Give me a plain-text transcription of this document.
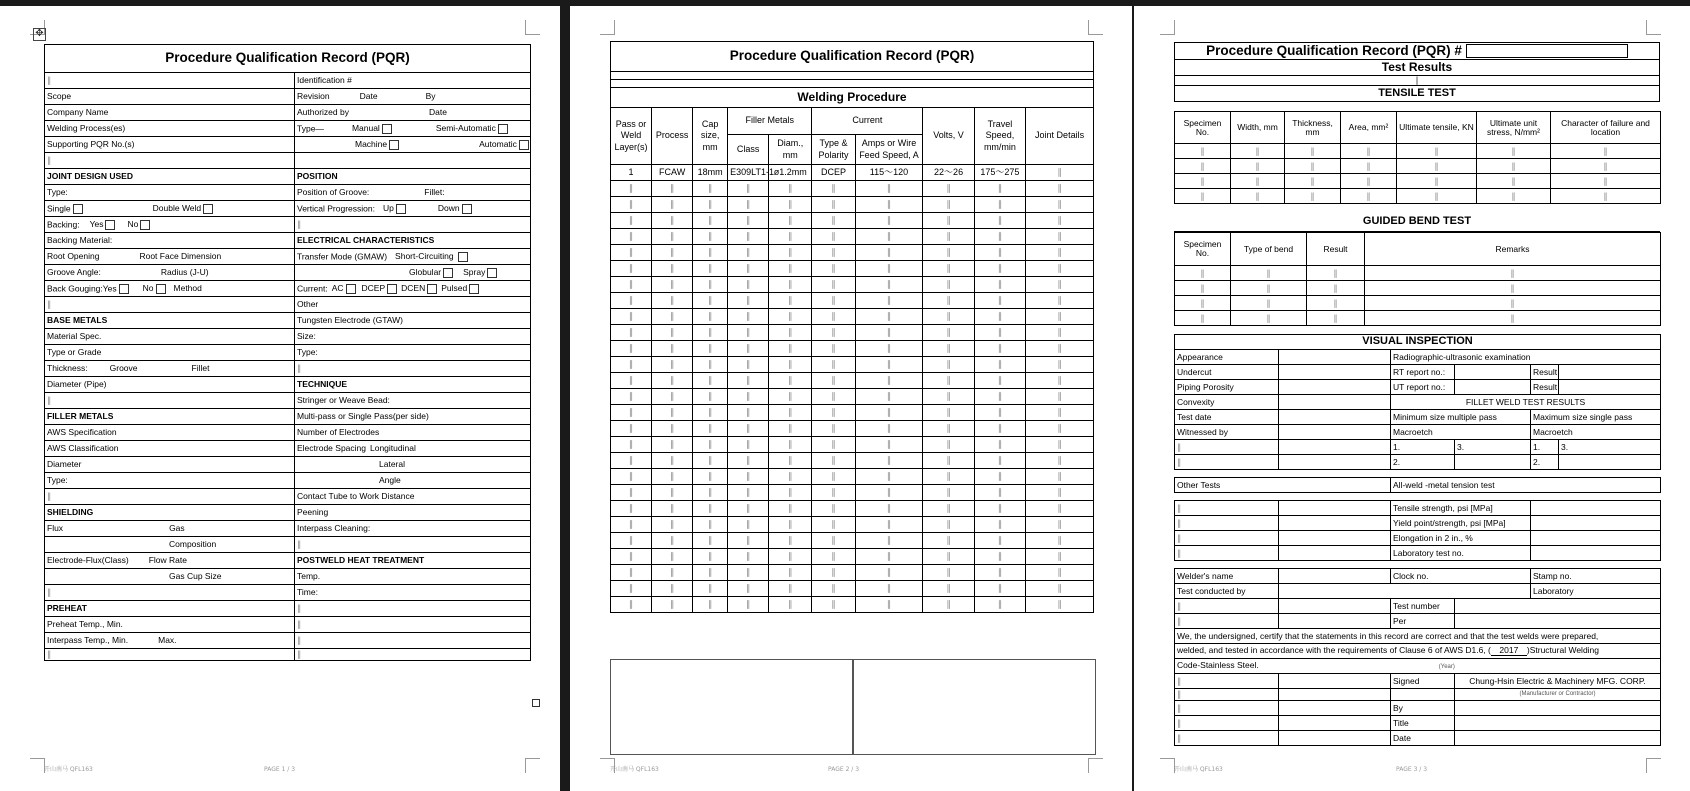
✥
Procedure Qualification Record (PQR)	
∥	Identification #
Scope	Revision Date By
Company Name	Authorized by Date
Welding Process(es)	Type— Manual Semi-Automatic
Supporting PQR No.(s)	Machine Automatic
∥	
JOINT DESIGN USED	POSITION
Type:	Position of Groove: Fillet:
Single Double Weld	Vertical Progression: Up Down
Backing: Yes No	∥
Backing Material:	ELECTRICAL CHARACTERISTICS
Root Opening Root Face Dimension	Transfer Mode (GMAW) Short-Circuiting
Groove Angle: Radius (J-U)	Globular Spray
Back Gouging:Yes No Method	Current: AC DCEP DCEN Pulsed
∥	Other
BASE METALS	Tungsten Electrode (GTAW)
Material Spec.	Size:
Type or Grade	Type:
Thickness: Groove Fillet	∥
Diameter (Pipe)	TECHNIQUE
∥	Stringer or Weave Bead:
FILLER METALS	Multi-pass or Single Pass(per side)
AWS Specification	Number of Electrodes
AWS Classification	Electrode Spacing Longitudinal
Diameter	Lateral
Type:	Angle
∥	Contact Tube to Work Distance
SHIELDING	Peening
Flux Gas	Interpass Cleaning:
Composition	∥
Electrode-Flux(Class) Flow Rate	POSTWELD HEAT TREATMENT
Gas Cup Size	Temp.
∥	Time:
PREHEAT	∥
Preheat Temp., Min.	∥
Interpass Temp., Min. Max.	∥
∥	∥
开山南马 QFL163	PAGE 1 / 3
Procedure Qualification Record (PQR)

Welding Procedure
Pass or Weld Layer(s)	Process	Cap size, mm	Filler Metals		Current		Volts, V	Travel Speed, mm/min	Joint Details
			Class	Diam., mm	Type & Polarity	Amps or Wire Feed Speed, A			
1	FCAW	18mm	E309LT1-1	ø1.2mm	DCEP	115～120	22～26	175～275	∥
∥	∥	∥	∥	∥	∥	∥	∥	∥	∥
∥	∥	∥	∥	∥	∥	∥	∥	∥	∥
∥	∥	∥	∥	∥	∥	∥	∥	∥	∥
∥	∥	∥	∥	∥	∥	∥	∥	∥	∥
∥	∥	∥	∥	∥	∥	∥	∥	∥	∥
∥	∥	∥	∥	∥	∥	∥	∥	∥	∥
∥	∥	∥	∥	∥	∥	∥	∥	∥	∥
∥	∥	∥	∥	∥	∥	∥	∥	∥	∥
∥	∥	∥	∥	∥	∥	∥	∥	∥	∥
∥	∥	∥	∥	∥	∥	∥	∥	∥	∥
∥	∥	∥	∥	∥	∥	∥	∥	∥	∥
∥	∥	∥	∥	∥	∥	∥	∥	∥	∥
∥	∥	∥	∥	∥	∥	∥	∥	∥	∥
∥	∥	∥	∥	∥	∥	∥	∥	∥	∥
∥	∥	∥	∥	∥	∥	∥	∥	∥	∥
∥	∥	∥	∥	∥	∥	∥	∥	∥	∥
∥	∥	∥	∥	∥	∥	∥	∥	∥	∥
∥	∥	∥	∥	∥	∥	∥	∥	∥	∥
∥	∥	∥	∥	∥	∥	∥	∥	∥	∥
∥	∥	∥	∥	∥	∥	∥	∥	∥	∥
∥	∥	∥	∥	∥	∥	∥	∥	∥	∥
∥	∥	∥	∥	∥	∥	∥	∥	∥	∥
∥	∥	∥	∥	∥	∥	∥	∥	∥	∥
∥	∥	∥	∥	∥	∥	∥	∥	∥	∥
∥	∥	∥	∥	∥	∥	∥	∥	∥	∥
∥	∥	∥	∥	∥	∥	∥	∥	∥	∥
∥	∥	∥	∥	∥	∥	∥	∥	∥	∥
开山南马 QFL163	PAGE 2 / 3
Procedure Qualification Record (PQR) #
Test Results
∥
TENSILE TEST
Specimen No.	Width, mm	Thickness, mm	Area, mm²	Ultimate tensile, KN	Ultimate unit stress, N/mm²	Character of failure and location
∥	∥	∥	∥	∥	∥	∥
∥	∥	∥	∥	∥	∥	∥
∥	∥	∥	∥	∥	∥	∥
∥	∥	∥	∥	∥	∥	∥
GUIDED BEND TEST
Specimen No.	Type of bend	Result	Remarks
∥	∥	∥	∥
∥	∥	∥	∥
∥	∥	∥	∥
∥	∥	∥	∥
VISUAL INSPECTION					
Appearance		Radiographic-ultrasonic examination			
Undercut		RT report no.:		Result	
Piping Porosity		UT report no.:		Result	
Convexity		FILLET WELD TEST RESULTS			
Test date		Minimum size multiple pass		Maximum size single pass	
Witnessed by		Macroetch		Macroetch	
∥		1.	3.	1.	3.
∥		2.		2.	

Other Tests		All-weld -metal tension test			

∥		Tensile strength, psi [MPa]			
∥		Yield point/strength, psi [MPa]			
∥		Elongation in 2 in., %			
∥		Laboratory test no.			

Welder's name		Clock no.		Stamp no.	
Test conducted by				Laboratory	
∥		Test number			
∥		Per			
We, the undersigned, certify that the statements in this record are correct and that the test welds were prepared,					
welded, and tested in accordance with the requirements of Clause 6 of AWS D1.6, ( 2017 )Structural Welding					
Code-Stainless Steel. (Year)					
∥		Signed	Chung-Hsin Electric & Machinery MFG. CORP.		
∥			(Manufacturer or Contractor)		
∥		By			
∥		Title			
∥		Date			
开山南马 QFL163	PAGE 3 / 3
